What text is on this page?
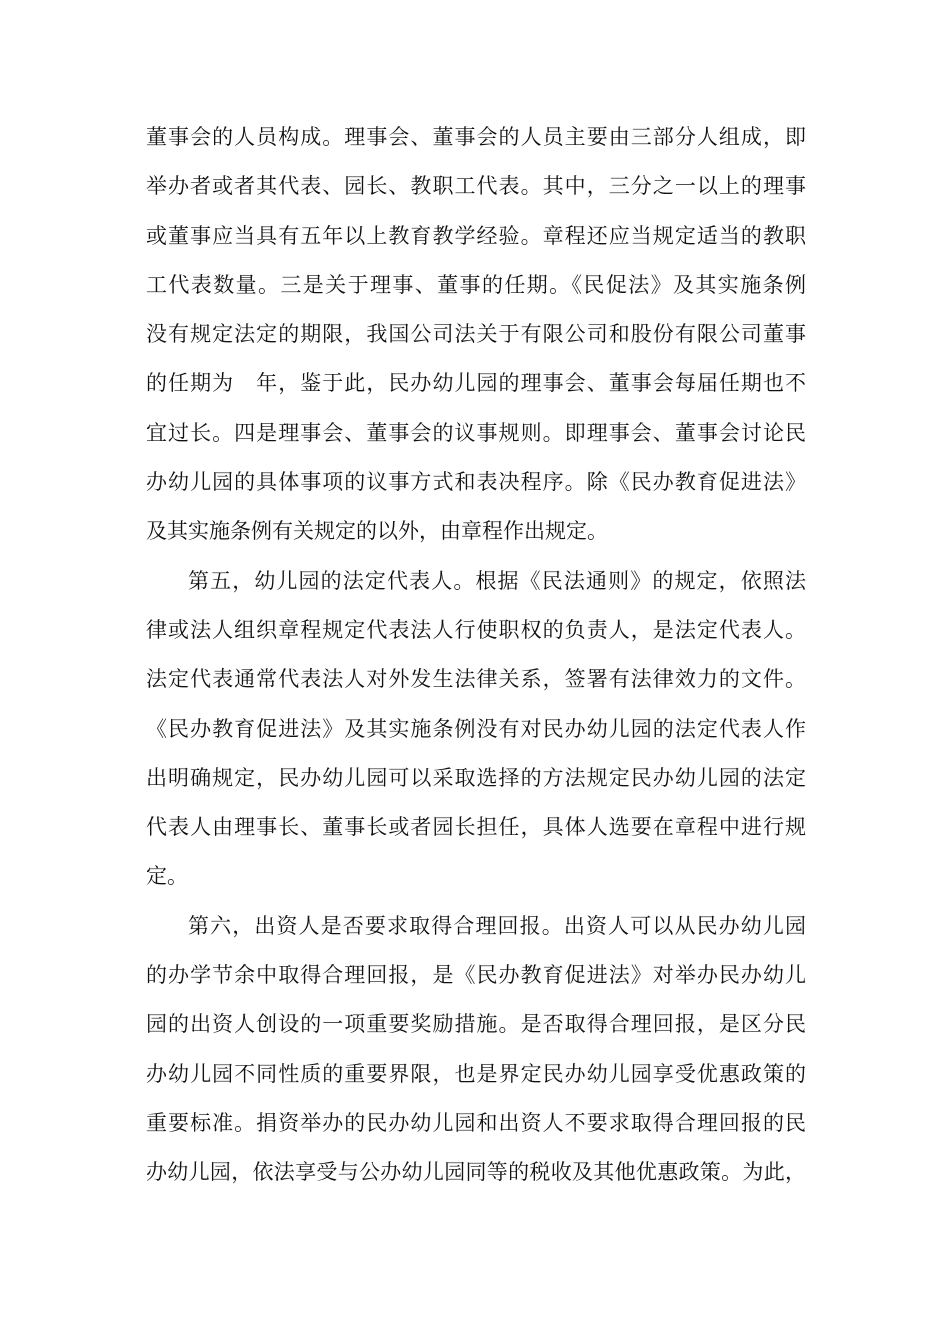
董事会的人员构成。理事会、董事会的人员主要由三部分人组成，即
举办者或者其代表、园长、教职工代表。其中，三分之一以上的理事
或董事应当具有五年以上教育教学经验。章程还应当规定适当的教职
工代表数量。三是关于理事、董事的任期。《民促法》及其实施条例
没有规定法定的期限，我国公司法关于有限公司和股份有限公司董事
的任期为　年，鉴于此，民办幼儿园的理事会、董事会每届任期也不
宜过长。四是理事会、董事会的议事规则。即理事会、董事会讨论民
办幼儿园的具体事项的议事方式和表决程序。除《民办教育促进法》
及其实施条例有关规定的以外，由章程作出规定。
第五，幼儿园的法定代表人。根据《民法通则》的规定，依照法
律或法人组织章程规定代表法人行使职权的负责人，是法定代表人。
法定代表通常代表法人对外发生法律关系，签署有法律效力的文件。
《民办教育促进法》及其实施条例没有对民办幼儿园的法定代表人作
出明确规定，民办幼儿园可以采取选择的方法规定民办幼儿园的法定
代表人由理事长、董事长或者园长担任，具体人选要在章程中进行规
定。
第六，出资人是否要求取得合理回报。出资人可以从民办幼儿园
的办学节余中取得合理回报，是《民办教育促进法》对举办民办幼儿
园的出资人创设的一项重要奖励措施。是否取得合理回报，是区分民
办幼儿园不同性质的重要界限，也是界定民办幼儿园享受优惠政策的
重要标准。捐资举办的民办幼儿园和出资人不要求取得合理回报的民
办幼儿园，依法享受与公办幼儿园同等的税收及其他优惠政策。为此，
